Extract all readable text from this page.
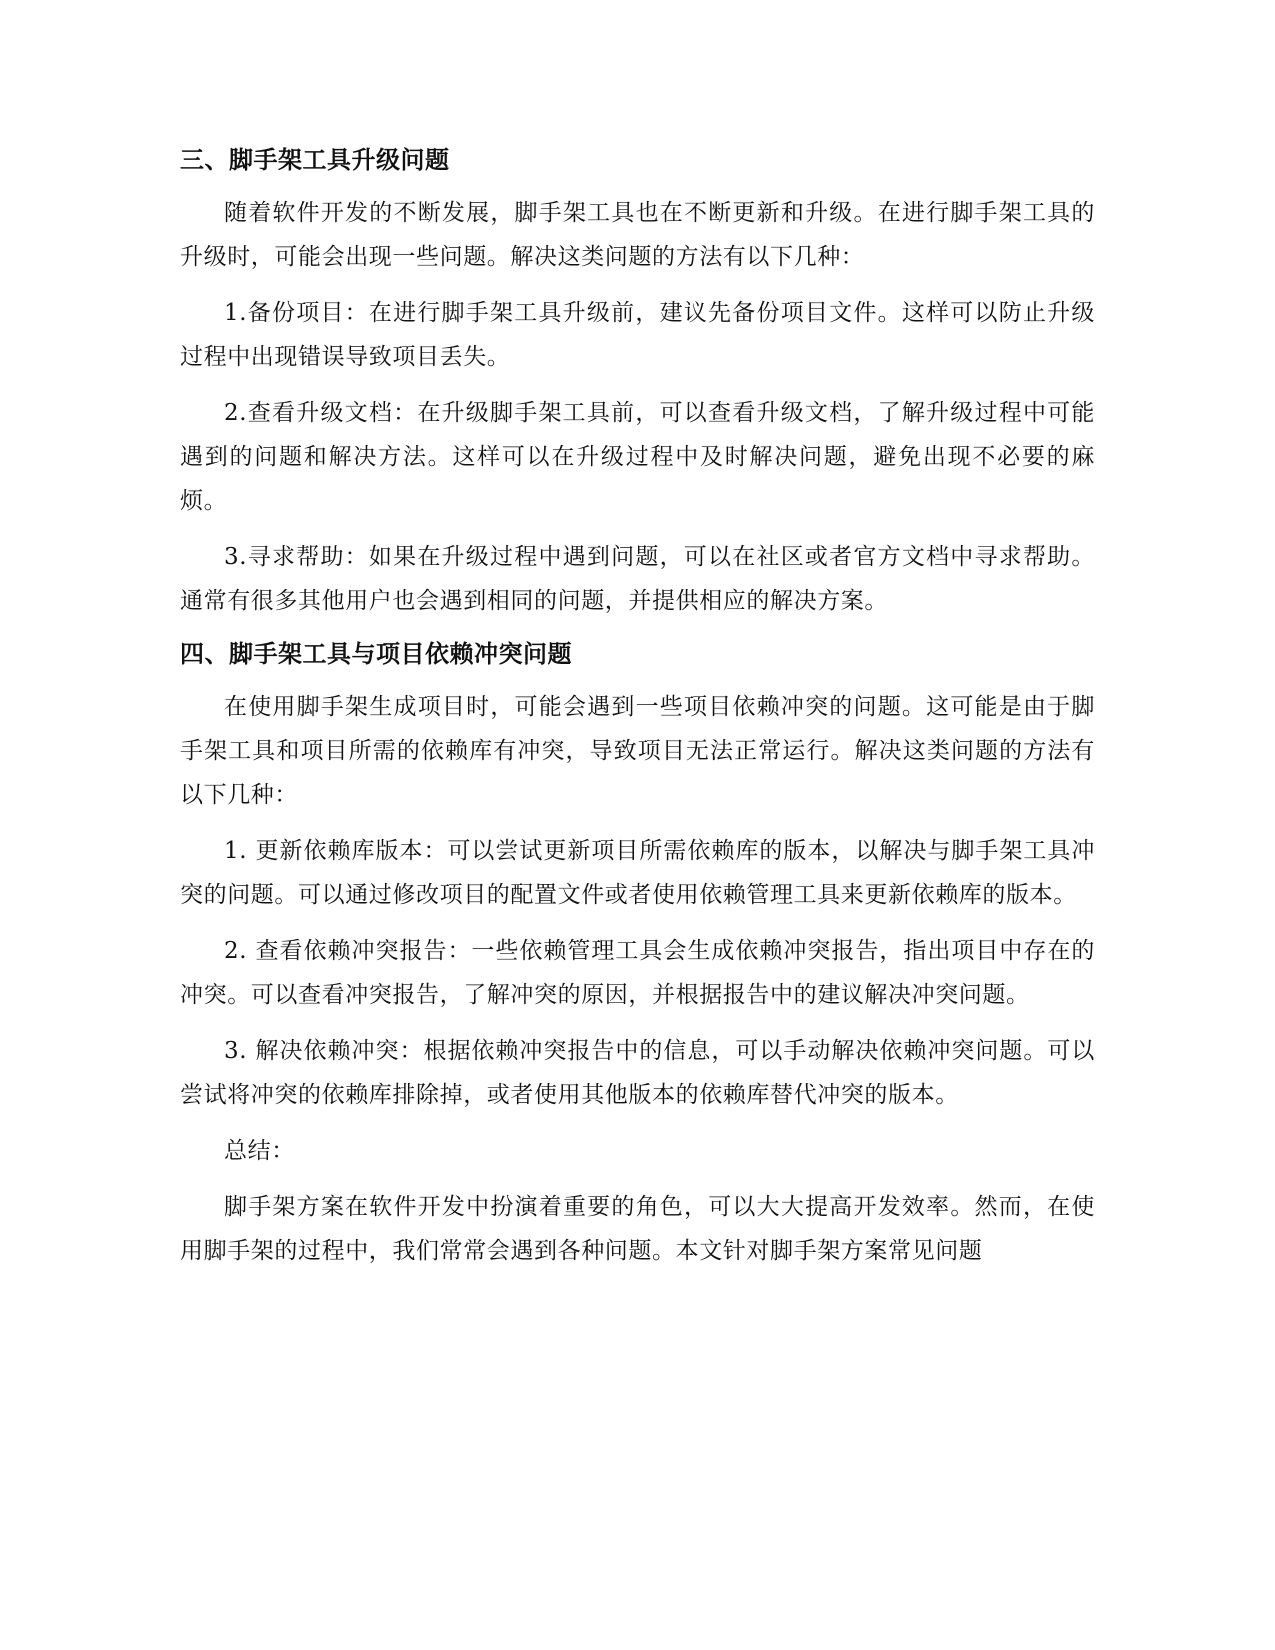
三、脚手架工具升级问题

随着软件开发的不断发展，脚手架工具也在不断更新和升级。在进行脚手架工具的升级时，可能会出现一些问题。解决这类问题的方法有以下几种：

1.备份项目：在进行脚手架工具升级前，建议先备份项目文件。这样可以防止升级过程中出现错误导致项目丢失。

2.查看升级文档：在升级脚手架工具前，可以查看升级文档，了解升级过程中可能遇到的问题和解决方法。这样可以在升级过程中及时解决问题，避免出现不必要的麻烦。

3.寻求帮助：如果在升级过程中遇到问题，可以在社区或者官方文档中寻求帮助。通常有很多其他用户也会遇到相同的问题，并提供相应的解决方案。

四、脚手架工具与项目依赖冲突问题

在使用脚手架生成项目时，可能会遇到一些项目依赖冲突的问题。这可能是由于脚手架工具和项目所需的依赖库有冲突，导致项目无法正常运行。解决这类问题的方法有以下几种：

1. 更新依赖库版本：可以尝试更新项目所需依赖库的版本，以解决与脚手架工具冲突的问题。可以通过修改项目的配置文件或者使用依赖管理工具来更新依赖库的版本。

2. 查看依赖冲突报告：一些依赖管理工具会生成依赖冲突报告，指出项目中存在的冲突。可以查看冲突报告，了解冲突的原因，并根据报告中的建议解决冲突问题。

3. 解决依赖冲突：根据依赖冲突报告中的信息，可以手动解决依赖冲突问题。可以尝试将冲突的依赖库排除掉，或者使用其他版本的依赖库替代冲突的版本。

总结：

脚手架方案在软件开发中扮演着重要的角色，可以大大提高开发效率。然而，在使用脚手架的过程中，我们常常会遇到各种问题。本文针对脚手架方案常见问题
